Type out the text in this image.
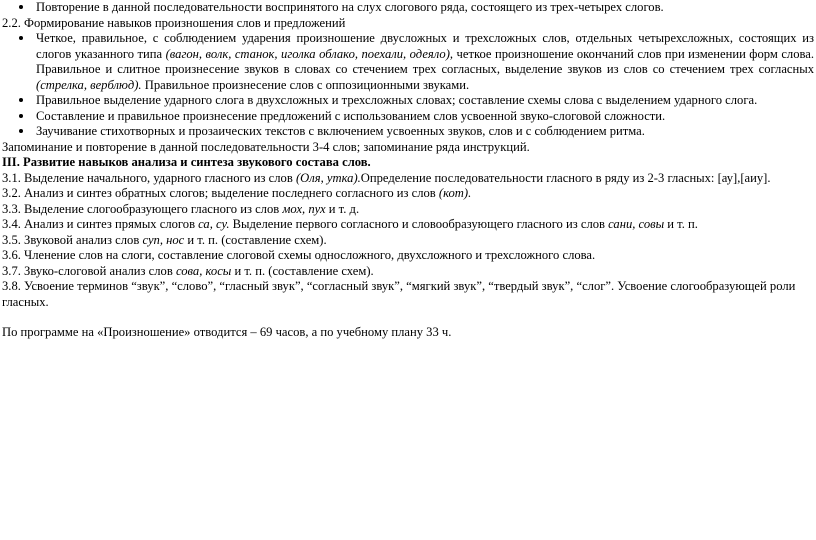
Повторение в данной последовательности воспринятого на слух слогового ряда, состоящего из трех-четырех слогов.
2.2. Формирование навыков произношения слов и предложений
Четкое, правильное, с соблюдением ударения произношение двусложных и трехсложных слов, отдельных четырехсложных, состоящих из слогов указанного типа (вагон, волк, станок, иголка облако, поехали, одеяло), четкое произношение окончаний слов при изменении форм слова. Правильное и слитное произнесение звуков в словах со стечением трех согласных, выделение звуков из слов со стечением трех согласных (стрелка, верблюд). Правильное произнесение слов с оппозиционными звуками.
Правильное выделение ударного слога в двухсложных и трехсложных словах; составление схемы слова с выделением ударного слога.
Составление и правильное произнесение предложений с использованием слов усвоенной звуко-слоговой сложности.
Заучивание стихотворных и прозаических текстов с включением усвоенных звуков, слов и с соблюдением ритма.
Запоминание и повторение в данной последовательности 3-4 слов; запоминание ряда инструкций.
III. Развитие навыков анализа и синтеза звукового состава слов.
3.1. Выделение начального, ударного гласного из слов (Оля, утка).Определение последовательности гласного в ряду из 2-3 гласных: [ау],[аиу].
3.2. Анализ и синтез обратных слогов; выделение последнего согласного из слов (кот).
3.3. Выделение слогообразующего гласного из слов мох, пух и т. д.
3.4. Анализ и синтез прямых слогов са, су. Выделение первого согласного и словообразующего гласного из слов сани, совы и т. п.
3.5. Звуковой анализ слов суп, нос и т. п. (составление схем).
3.6. Членение слов на слоги, составление слоговой схемы односложного, двухсложного и трехсложного слова.
3.7. Звуко-слоговой анализ слов сова, косы и т. п. (составление схем).
3.8. Усвоение терминов “звук”, “слово”, “гласный звук”, “согласный звук”, “мягкий звук”, “твердый звук”, “слог”. Усвоение слогообразующей роли гласных.
По программе на «Произношение» отводится – 69 часов, а по учебному плану 33 ч.
